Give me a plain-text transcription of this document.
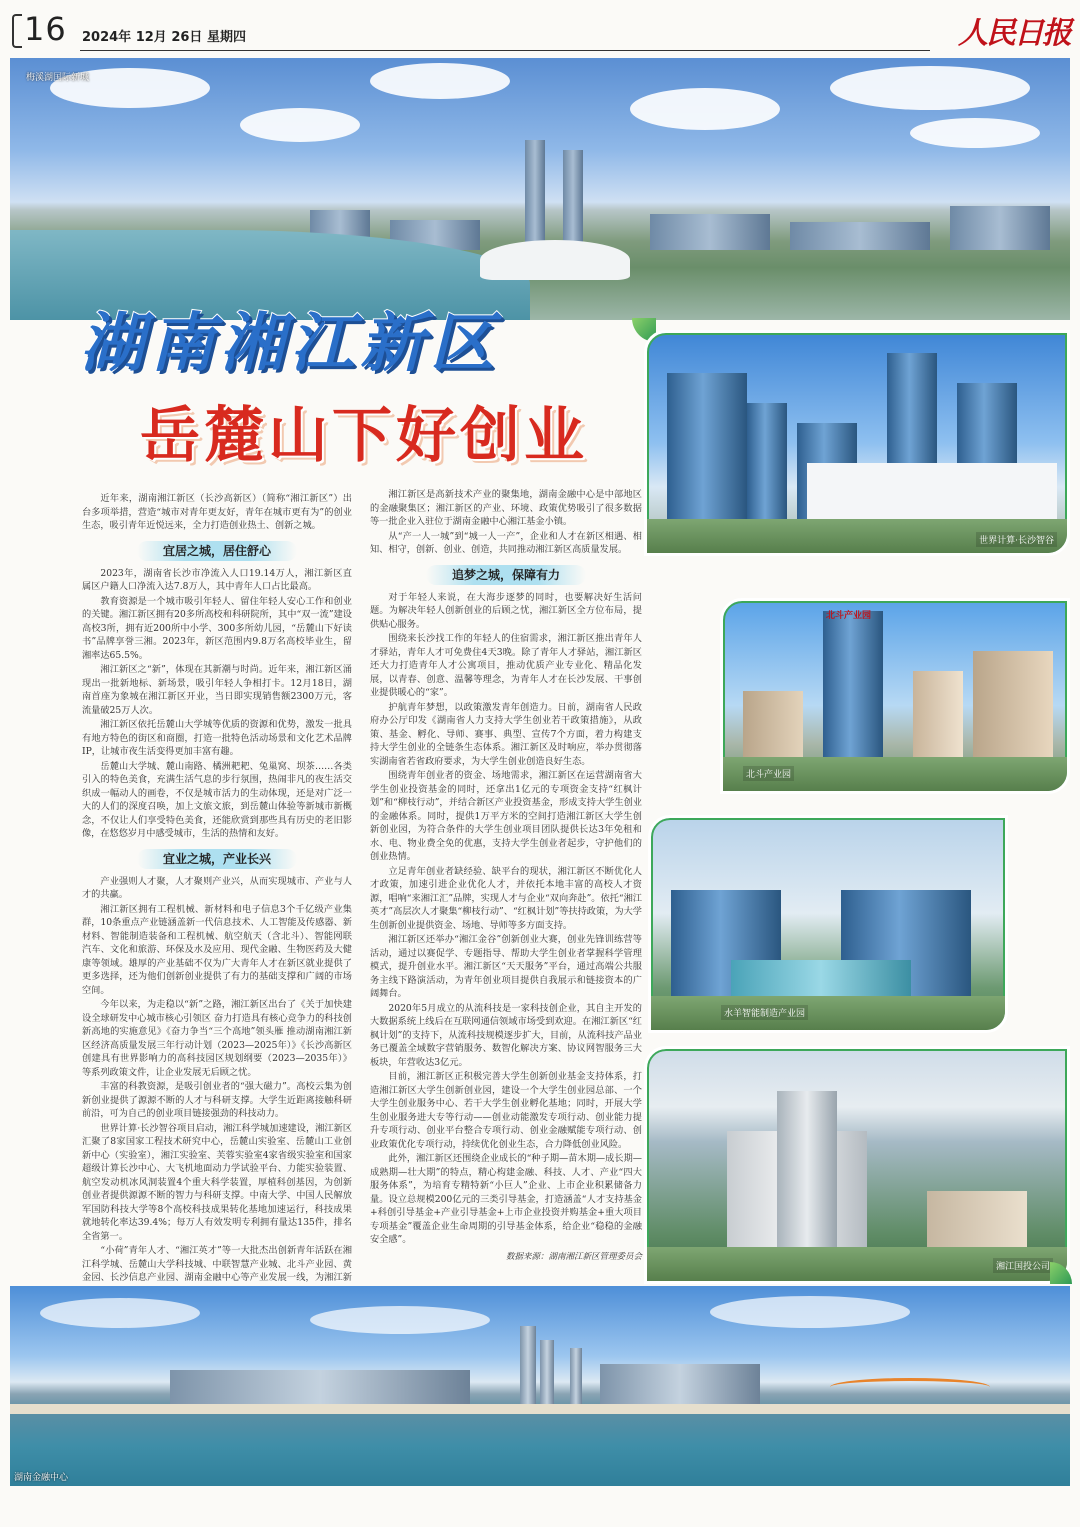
16 2024年 12月 26日 星期四	人民日报
梅溪湖国际新城
湖南湘江新区
岳麓山下好创业

近年来，湖南湘江新区（长沙高新区）（简称“湘江新区”）出台多项举措，营造“城市对青年更友好，青年在城市更有为”的创业生态，吸引青年近悦远来，全力打造创业热土、创新之城。

宜居之城，居住舒心

2023年，湖南省长沙市净流入人口19.14万人，湘江新区直属区户籍人口净流入达7.8万人，其中青年人口占比最高。

教育资源是一个城市吸引年轻人、留住年轻人安心工作和创业的关键。湘江新区拥有20多所高校和科研院所，其中“双一流”建设高校3所，拥有近200所中小学、300多所幼儿园，“岳麓山下好读书”品牌享誉三湘。2023年，新区范围内9.8万名高校毕业生，留湘率达65.5%。

湘江新区之“新”，体现在其新潮与时尚。近年来，湘江新区涌现出一批新地标、新场景，吸引年轻人争相打卡。12月18日，湖南首座为象城在湘江新区开业，当日即实现销售额2300万元，客流量破25万人次。

湘江新区依托岳麓山大学城等优质的资源和优势，激发一批具有地方特色的街区和商圈，打造一批特色活动场景和文化艺术品牌IP，让城市夜生活变得更加丰富有趣。

岳麓山大学城、麓山南路、橘洲耙耙、兔巢窝、坝茶……各类引入的特色美食，充满生活气息的步行氛围，热闹非凡的夜生活交织成一幅动人的画卷，不仅是城市活力的生动体现，还是对广泛一大的人们的深度召唤，加上文旅文旅，到岳麓山体验等新城市新概念，不仅让人们享受特色美食，还能欣赏到那些具有历史的老旧影像，在悠悠岁月中感受城市，生活的热情和友好。

宜业之城，产业长兴

产业强则人才聚，人才聚则产业兴，从而实现城市、产业与人才的共赢。

湘江新区拥有工程机械、新材料和电子信息3个千亿级产业集群，10条重点产业链涵盖新一代信息技术、人工智能及传感器、新材料、智能制造装备和工程机械、航空航天（含北斗）、智能网联汽车、文化和旅游、环保及水及应用、现代金融、生物医药及大健康等领域。雄厚的产业基础不仅为广大青年人才在新区就业提供了更多选择，还为他们创新创业提供了有力的基础支撑和广阔的市场空间。

今年以来，为走稳以“新”之路，湘江新区出台了《关于加快建设全球研发中心城市核心引领区 奋力打造具有核心竞争力的科技创新高地的实施意见》《奋力争当“三个高地”领头雁 推动湖南湘江新区经济高质量发展三年行动计划（2023—2025年）》《长沙高新区创建具有世界影响力的高科技园区规划纲要（2023—2035年）》等系列政策文件，让企业发展无后顾之忧。

丰富的科教资源，是吸引创业者的“强大磁力”。高校云集为创新创业提供了源源不断的人才与科研支撑。大学生近距离接触科研前沿，可为自己的创业项目链接强劲的科技动力。

世界计算·长沙智谷项目启动，湘江科学城加速建设，湘江新区汇聚了8家国家工程技术研究中心，岳麓山实验室、岳麓山工业创新中心（实验室），湘江实验室、芙蓉实验室4家省级实验室和国家超级计算长沙中心、大飞机地面动力学试验平台、力能实验装置、航空发动机冰风洞装置4个重大科学装置，厚植科创基因，为创新创业者提供源源不断的智力与科研支撑。中南大学、中国人民解放军国防科技大学等8个高校科技成果转化基地加速运行，科技成果就地转化率达39.4%；每万人有效发明专利拥有量达135件，排名全省第一。

“小荷”青年人才、“湘江英才”等一大批杰出创新青年活跃在湘江科学城、岳麓山大学科技城、中联智慧产业城、北斗产业园、黄金园、长沙信息产业园、湖南金融中心等产业发展一线，为湘江新

湘江新区是高新技术产业的聚集地，湖南金融中心是中部地区的金融聚集区；湘江新区的产业、环境、政策优势吸引了很多数据等一批企业入驻位于湖南金融中心湘江基金小镇。

从“产一人一城”到“城一人一产”，企业和人才在新区相遇、相知、相守，创新、创业、创造，共同推动湘江新区高质量发展。

追梦之城，保障有力

对于年轻人来说，在大海步逐梦的同时，也要解决好生活问题。为解决年轻人创新创业的后顾之忧，湘江新区全方位布局，提供贴心服务。

围绕来长沙找工作的年轻人的住宿需求，湘江新区推出青年人才驿站，青年人才可免费住4天3晚。除了青年人才驿站，湘江新区还大力打造青年人才公寓项目，推动优质产业专业化、精品化发展，以青春、创意、温馨等理念，为青年人才在长沙发展、干事创业提供暖心的“家”。

护航青年梦想，以政策激发青年创造力。日前，湖南省人民政府办公厅印发《湖南省人力支持大学生创业若干政策措施》，从政策、基金、孵化、导师、赛事、典型、宣传7个方面，着力构建支持大学生创业的全链条生态体系。湘江新区及时响应，举办贯彻落实湖南省若省政府要求，为大学生创业创造良好生态。

围绕青年创业者的资金、场地需求，湘江新区在运营湖南省大学生创业投资基金的同时，还拿出1亿元的专项资金支持“红枫计划”和“柳枝行动”，并结合新区产业投资基金，形成支持大学生创业的金融体系。同时，提供1万平方米的空间打造湘江新区大学生创新创业园，为符合条件的大学生创业项目团队提供长达3年免租和水、电、物业费全免的优惠，支持大学生创业者起步，守护他们的创业热情。

立足青年创业者缺经验、缺平台的现状，湘江新区不断优化人才政策，加速引进企业优化人才，并依托本地丰富的高校人才资源，唱响“来湘江汇”品牌，实现人才与企业“双向奔赴”。依托“湘江英才”高层次人才聚集“柳枝行动”、“红枫计划”等扶持政策，为大学生创新创业提供资金、场地、导师等多方面支持。

湘江新区还举办“湘江金谷”创新创业大赛，创业先锋训练营等活动，通过以赛促学、专题指导、帮助大学生创业者掌握科学管理模式，提升创业水平。湘江新区“天天服务”平台，通过高端公共服务主线下路演活动，为青年创业项目提供自我展示和链接资本的广阔舞台。

2020年5月成立的从流科技是一家科技创企业，其自主开发的大数据系统上线后在互联网通信领域市场受到欢迎。在湘江新区“红枫计划”的支持下，从流科技规模逐步扩大，目前，从流科技产品业务已覆盖全域数字营销服务、数智化解决方案、协议网智服务三大板块，年营收达3亿元。

目前，湘江新区正积极完善大学生创新创业基金支持体系，打造湘江新区大学生创新创业园，建设一个大学生创业园总部、一个大学生创业服务中心、若干大学生创业孵化基地；同时，开展大学生创业服务进大专等行动——创业动能激发专项行动、创业能力提升专项行动、创业平台整合专项行动、创业金融赋能专项行动、创业政策优化专项行动，持续优化创业生态，合力降低创业风险。

此外，湘江新区还围绕企业成长的“种子期—苗木期—成长期—成熟期—壮大期”的特点，精心构建金融、科技、人才、产业“四大服务体系”，为培育专精特新“小巨人”企业、上市企业积累储备力量。设立总规模200亿元的三类引导基金，打造涵盖“人才支持基金+科创引导基金+产业引导基金+上市企业投资并购基金+重大项目专项基金”覆盖企业生命周期的引导基金体系，给企业“稳稳的金融安全感”。

数据来源：湖南湘江新区管理委员会
世界计算·长沙智谷
北斗产业园
北斗产业园
水羊智能制造产业园
湘江国投公司
湖南金融中心
